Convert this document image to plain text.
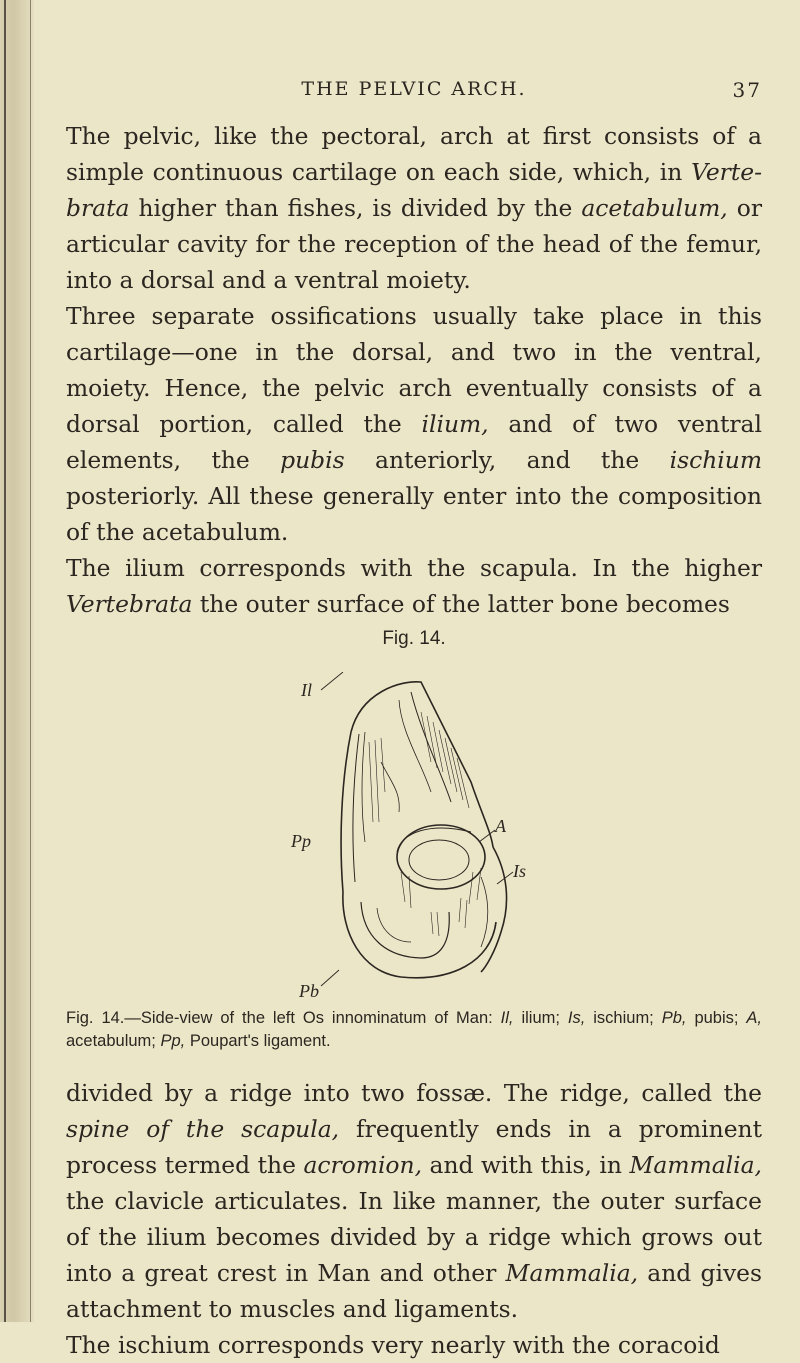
THE PELVIC ARCH.	37

The pelvic, like the pectoral, arch at first consists of a simple continuous cartilage on each side, which, in Verte-brata higher than fishes, is divided by the acetabulum, or articular cavity for the reception of the head of the femur, into a dorsal and a ventral moiety.

Three separate ossifications usually take place in this cartilage—one in the dorsal, and two in the ventral, moiety. Hence, the pelvic arch eventually consists of a dorsal portion, called the ilium, and of two ventral elements, the pubis anteriorly, and the ischium posteriorly. All these generally enter into the composition of the acetabulum.

The ilium corresponds with the scapula. In the higher Vertebrata the outer surface of the latter bone becomes

Fig. 14.
Il
Pp
A
Is
Pb
Fig. 14.—Side-view of the left Os innominatum of Man: Il, ilium; Is, ischium; Pb, pubis; A, acetabulum; Pp, Poupart's ligament.

divided by a ridge into two fossæ. The ridge, called the spine of the scapula, frequently ends in a prominent process termed the acromion, and with this, in Mammalia, the clavicle articulates. In like manner, the outer surface of the ilium becomes divided by a ridge which grows out into a great crest in Man and other Mammalia, and gives attachment to muscles and ligaments.

The ischium corresponds very nearly with the coracoid
